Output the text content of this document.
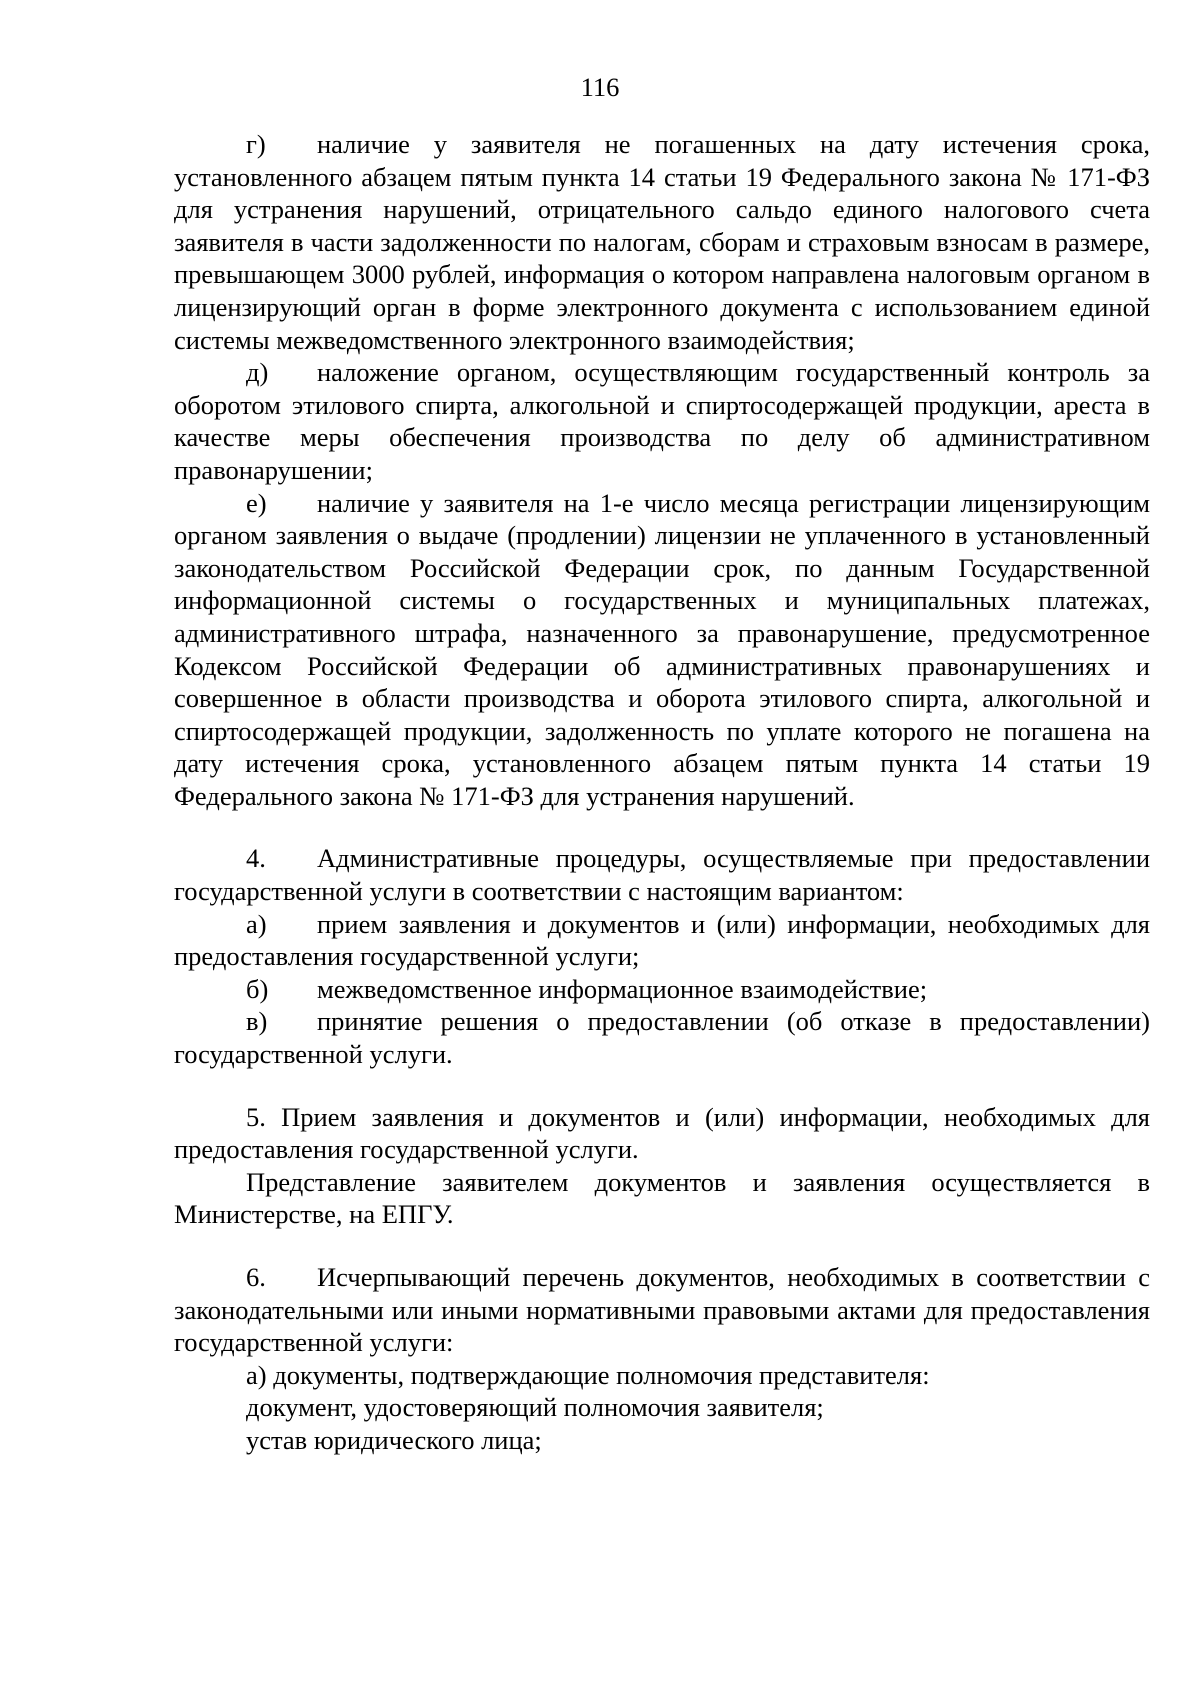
116

г) наличие у заявителя не погашенных на дату истечения срока, установленного абзацем пятым пункта 14 статьи 19 Федерального закона № 171-ФЗ для устранения нарушений, отрицательного сальдо единого налогового счета заявителя в части задолженности по налогам, сборам и страховым взносам в размере, превышающем 3000 рублей, информация о котором направлена налоговым органом в лицензирующий орган в форме электронного документа с использованием единой системы межведомственного электронного взаимодействия;

д) наложение органом, осуществляющим государственный контроль за оборотом этилового спирта, алкогольной и спиртосодержащей продукции, ареста в качестве меры обеспечения производства по делу об административном правонарушении;

е) наличие у заявителя на 1-е число месяца регистрации лицензирующим органом заявления о выдаче (продлении) лицензии не уплаченного в установленный законодательством Российской Федерации срок, по данным Государственной информационной системы о государственных и муниципальных платежах, административного штрафа, назначенного за правонарушение, предусмотренное Кодексом Российской Федерации об административных правонарушениях и совершенное в области производства и оборота этилового спирта, алкогольной и спиртосодержащей продукции, задолженность по уплате которого не погашена на дату истечения срока, установленного абзацем пятым пункта 14 статьи 19 Федерального закона № 171-ФЗ для устранения нарушений.

4. Административные процедуры, осуществляемые при предоставлении государственной услуги в соответствии с настоящим вариантом:

а) прием заявления и документов и (или) информации, необходимых для предоставления государственной услуги;

б) межведомственное информационное взаимодействие;

в) принятие решения о предоставлении (об отказе в предоставлении) государственной услуги.

5. Прием заявления и документов и (или) информации, необходимых для предоставления государственной услуги.

Представление заявителем документов и заявления осуществляется в Министерстве, на ЕПГУ.

6. Исчерпывающий перечень документов, необходимых в соответствии с законодательными или иными нормативными правовыми актами для предоставления государственной услуги:

а) документы, подтверждающие полномочия представителя:

документ, удостоверяющий полномочия заявителя;

устав юридического лица;
